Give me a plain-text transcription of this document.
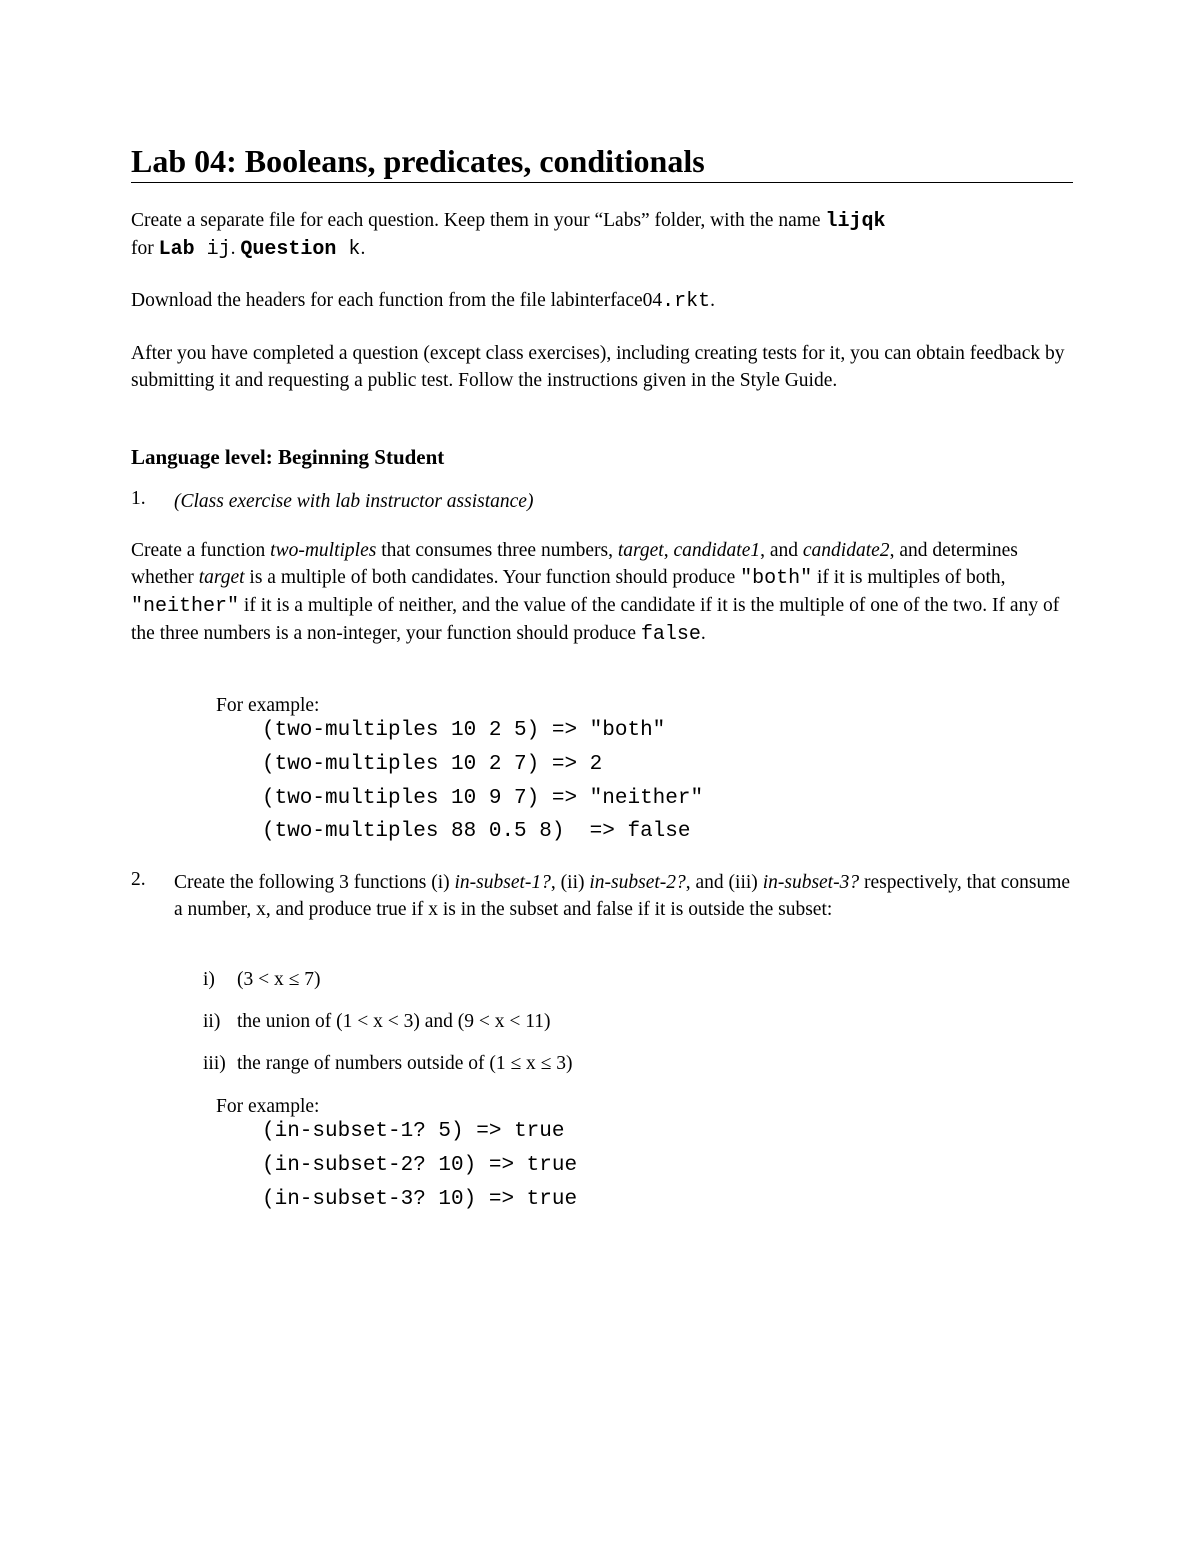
Lab 04: Booleans, predicates, conditionals
Create a separate file for each question. Keep them in your “Labs” folder, with the name lijqk
for Lab ij. Question k.
Download the headers for each function from the file labinterface04.rkt.
After you have completed a question (except class exercises), including creating tests for it, you can obtain feedback by submitting it and requesting a public test. Follow the instructions given in the Style Guide.
Language level: Beginning Student
1. (Class exercise with lab instructor assistance)
Create a function two-multiples that consumes three numbers, target, candidate1, and candidate2, and determines whether target is a multiple of both candidates. Your function should produce "both" if it is multiples of both, "neither" if it is a multiple of neither, and the value of the candidate if it is the multiple of one of the two. If any of the three numbers is a non-integer, your function should produce false.
For example:
(two-multiples 10 2 5) => "both"
(two-multiples 10 2 7) => 2
(two-multiples 10 9 7) => "neither"
(two-multiples 88 0.5 8)  => false
2. Create the following 3 functions (i) in-subset-1?, (ii) in-subset-2?, and (iii) in-subset-3? respectively, that consume a number, x, and produce true if x is in the subset and false if it is outside the subset:
i) (3 < x ≤ 7)
ii) the union of (1 < x < 3) and (9 < x < 11)
iii) the range of numbers outside of (1 ≤ x ≤ 3)
For example:
(in-subset-1? 5) => true
(in-subset-2? 10) => true
(in-subset-3? 10) => true
